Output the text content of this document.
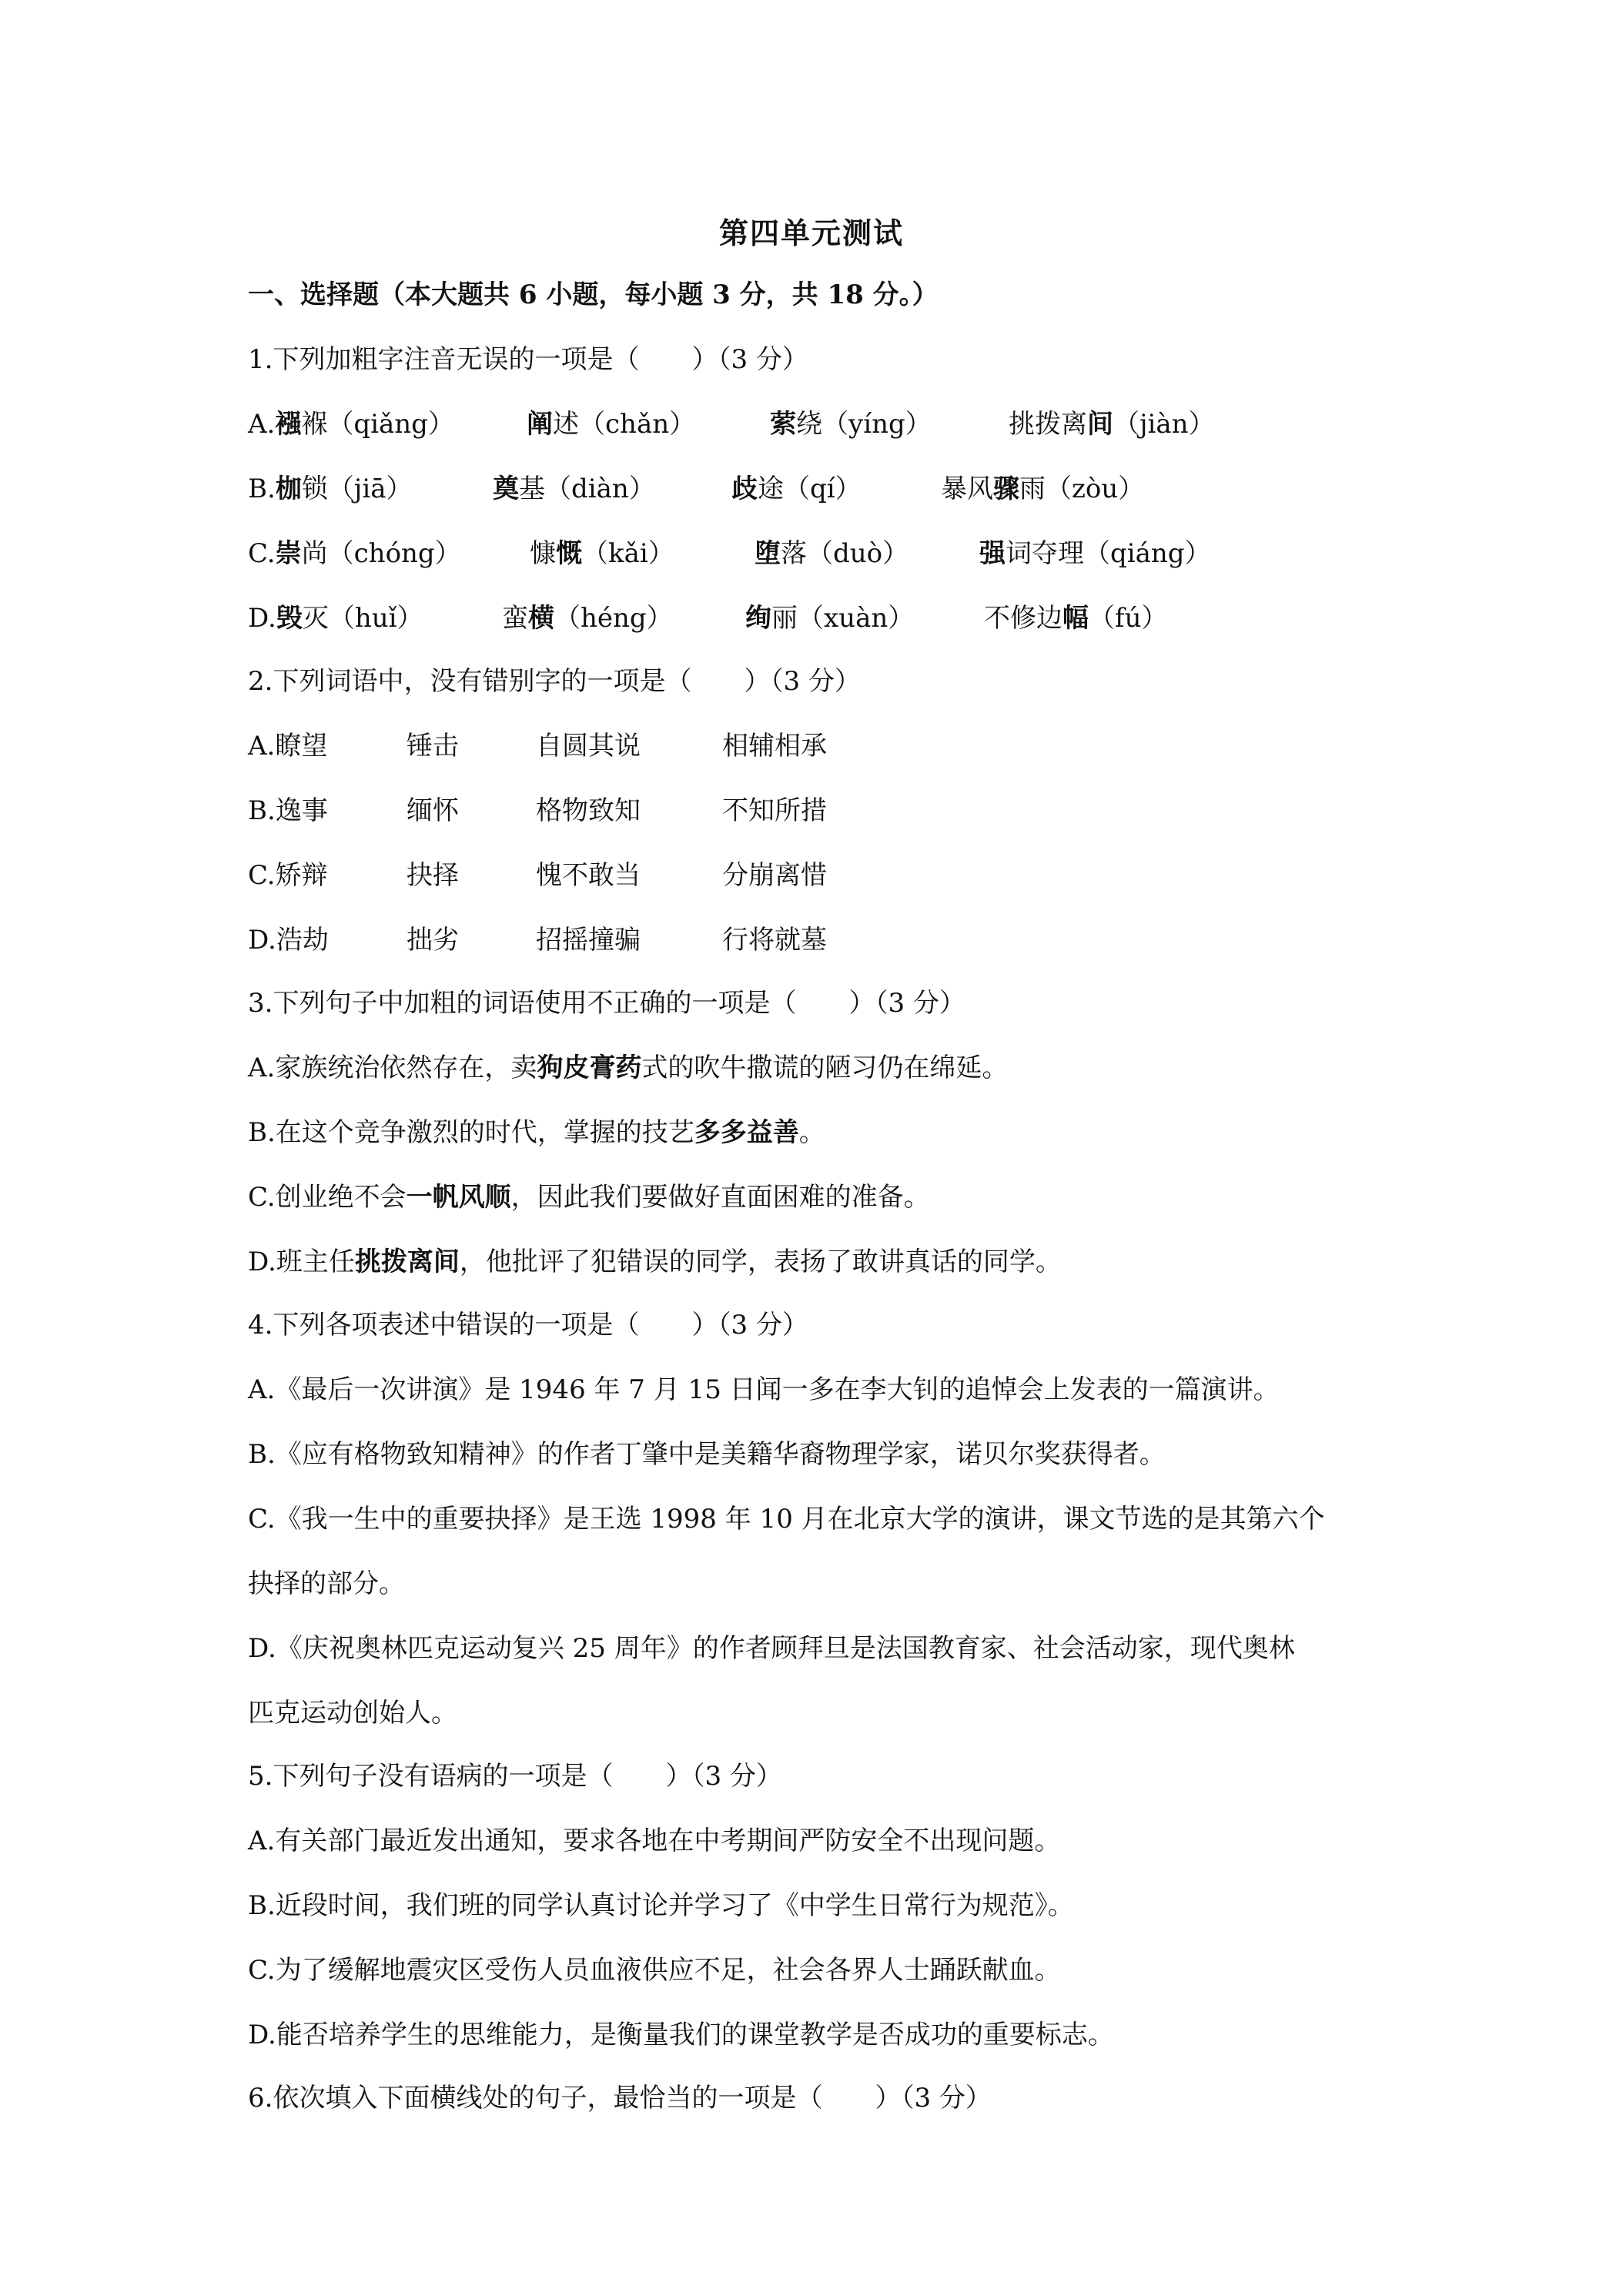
第四单元测试
一、选择题（本大题共 6 小题，每小题 3 分，共 18 分。）
1.下列加粗字注音无误的一项是（　　）（3 分）
A.襁褓（qiǎng）	阐述（chǎn）	萦绕（yíng）	挑拨离间（jiàn）
B.枷锁（jiā）	奠基（diàn）	歧途（qí）	暴风骤雨（zòu）
C.崇尚（chóng）	慷慨（kǎi）	堕落（duò）	强词夺理（qiáng）
D.毁灭（huǐ）	蛮横（héng）	绚丽（xuàn）	不修边幅（fú）
2.下列词语中，没有错别字的一项是（　　）（3 分）
A.瞭望	锤击	自圆其说	相辅相承
B.逸事	缅怀	格物致知	不知所措
C.矫辩	抉择	愧不敢当	分崩离惜
D.浩劫	拙劣	招摇撞骗	行将就墓
3.下列句子中加粗的词语使用不正确的一项是（　　）（3 分）
A.家族统治依然存在，卖狗皮膏药式的吹牛撒谎的陋习仍在绵延。
B.在这个竞争激烈的时代，掌握的技艺多多益善。
C.创业绝不会一帆风顺，因此我们要做好直面困难的准备。
D.班主任挑拨离间，他批评了犯错误的同学，表扬了敢讲真话的同学。
4.下列各项表述中错误的一项是（　　）（3 分）
A.《最后一次讲演》是 1946 年 7 月 15 日闻一多在李大钊的追悼会上发表的一篇演讲。
B.《应有格物致知精神》的作者丁肇中是美籍华裔物理学家，诺贝尔奖获得者。
C.《我一生中的重要抉择》是王选 1998 年 10 月在北京大学的演讲，课文节选的是其第六个
抉择的部分。
D.《庆祝奥林匹克运动复兴 25 周年》的作者顾拜旦是法国教育家、社会活动家，现代奥林
匹克运动创始人。
5.下列句子没有语病的一项是（　　）（3 分）
A.有关部门最近发出通知，要求各地在中考期间严防安全不出现问题。
B.近段时间，我们班的同学认真讨论并学习了《中学生日常行为规范》。
C.为了缓解地震灾区受伤人员血液供应不足，社会各界人士踊跃献血。
D.能否培养学生的思维能力，是衡量我们的课堂教学是否成功的重要标志。
6.依次填入下面横线处的句子，最恰当的一项是（　　）（3 分）
